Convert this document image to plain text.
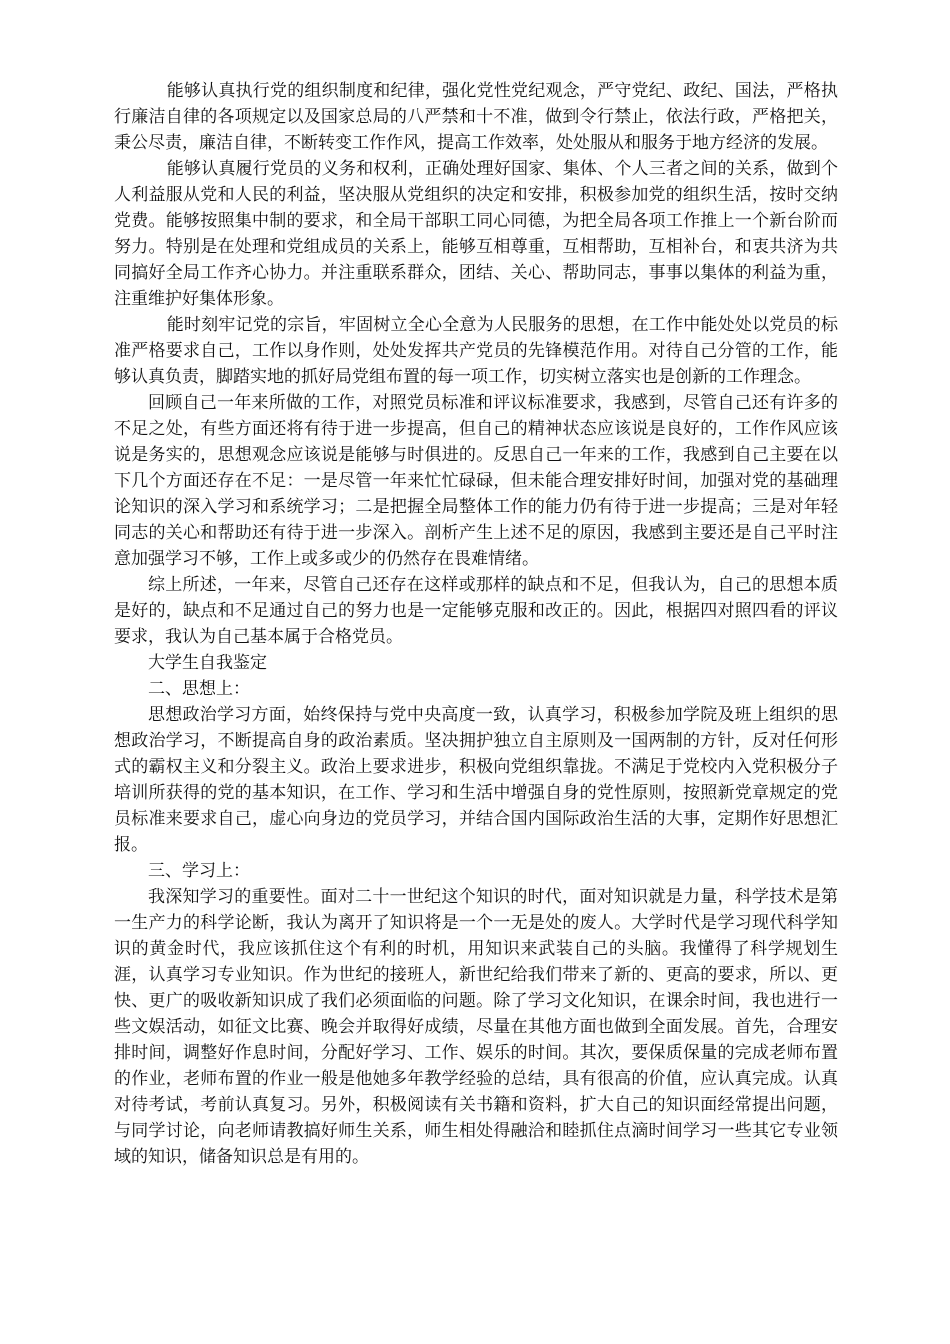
能够认真执行党的组织制度和纪律，强化党性党纪观念，严守党纪、政纪、国法，严格执行廉洁自律的各项规定以及国家总局的八严禁和十不准，做到令行禁止，依法行政，严格把关，秉公尽责，廉洁自律，不断转变工作作风，提高工作效率，处处服从和服务于地方经济的发展。

能够认真履行党员的义务和权利，正确处理好国家、集体、个人三者之间的关系，做到个人利益服从党和人民的利益，坚决服从党组织的决定和安排，积极参加党的组织生活，按时交纳党费。能够按照集中制的要求，和全局干部职工同心同德，为把全局各项工作推上一个新台阶而努力。特别是在处理和党组成员的关系上，能够互相尊重，互相帮助，互相补台，和衷共济为共同搞好全局工作齐心协力。并注重联系群众，团结、关心、帮助同志，事事以集体的利益为重，注重维护好集体形象。

能时刻牢记党的宗旨，牢固树立全心全意为人民服务的思想，在工作中能处处以党员的标准严格要求自己，工作以身作则，处处发挥共产党员的先锋模范作用。对待自己分管的工作，能够认真负责，脚踏实地的抓好局党组布置的每一项工作，切实树立落实也是创新的工作理念。

回顾自己一年来所做的工作，对照党员标准和评议标准要求，我感到，尽管自己还有许多的不足之处，有些方面还将有待于进一步提高，但自己的精神状态应该说是良好的，工作作风应该说是务实的，思想观念应该说是能够与时俱进的。反思自己一年来的工作，我感到自己主要在以下几个方面还存在不足：一是尽管一年来忙忙碌碌，但未能合理安排好时间，加强对党的基础理论知识的深入学习和系统学习；二是把握全局整体工作的能力仍有待于进一步提高；三是对年轻同志的关心和帮助还有待于进一步深入。剖析产生上述不足的原因，我感到主要还是自己平时注意加强学习不够，工作上或多或少的仍然存在畏难情绪。

综上所述，一年来，尽管自己还存在这样或那样的缺点和不足，但我认为，自己的思想本质是好的，缺点和不足通过自己的努力也是一定能够克服和改正的。因此，根据四对照四看的评议要求，我认为自己基本属于合格党员。

大学生自我鉴定

二、思想上：

思想政治学习方面，始终保持与党中央高度一致，认真学习，积极参加学院及班上组织的思想政治学习，不断提高自身的政治素质。坚决拥护独立自主原则及一国两制的方针，反对任何形式的霸权主义和分裂主义。政治上要求进步，积极向党组织靠拢。不满足于党校内入党积极分子培训所获得的党的基本知识，在工作、学习和生活中增强自身的党性原则，按照新党章规定的党员标准来要求自己，虚心向身边的党员学习，并结合国内国际政治生活的大事，定期作好思想汇报。

三、学习上：

我深知学习的重要性。面对二十一世纪这个知识的时代，面对知识就是力量，科学技术是第一生产力的科学论断，我认为离开了知识将是一个一无是处的废人。大学时代是学习现代科学知识的黄金时代，我应该抓住这个有利的时机，用知识来武装自己的头脑。我懂得了科学规划生涯，认真学习专业知识。作为世纪的接班人，新世纪给我们带来了新的、更高的要求，所以、更快、更广的吸收新知识成了我们必须面临的问题。除了学习文化知识，在课余时间，我也进行一些文娱活动，如征文比赛、晚会并取得好成绩，尽量在其他方面也做到全面发展。首先，合理安排时间，调整好作息时间，分配好学习、工作、娱乐的时间。其次，要保质保量的完成老师布置的作业，老师布置的作业一般是他她多年教学经验的总结，具有很高的价值，应认真完成。认真对待考试，考前认真复习。另外，积极阅读有关书籍和资料，扩大自己的知识面经常提出问题，与同学讨论，向老师请教搞好师生关系，师生相处得融洽和睦抓住点滴时间学习一些其它专业领域的知识，储备知识总是有用的。
